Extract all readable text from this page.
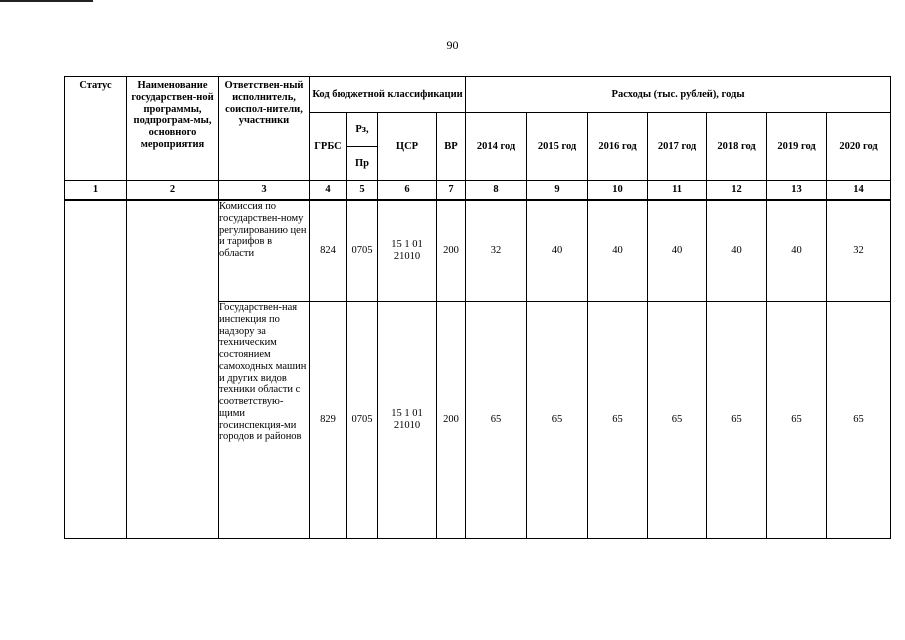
90
Статус	Наименование государствен-ной программы, подпрограм-мы, основного мероприятия	Ответствен-ный исполнитель, соиспол-нители, участники	Код бюджетной классификации				Расходы (тыс. рублей), годы						
			ГРБС	Рз,	ЦСР	ВР	2014 год	2015 год	2016 год	2017 год	2018 год	2019 год	2020 год
				Пр									
1	2	3	4	5	6	7	8	9	10	11	12	13	14
		Комиссия по государствен-ному регулированию цен и тарифов в области	824	0705	15 1 01 21010	200	32	40	40	40	40	40	32
		Государствен-ная инспекция по надзору за техническим состоянием самоходных машин и других видов техники области с соответствую-щими госинспекция-ми городов и районов	829	0705	15 1 01 21010	200	65	65	65	65	65	65	65
